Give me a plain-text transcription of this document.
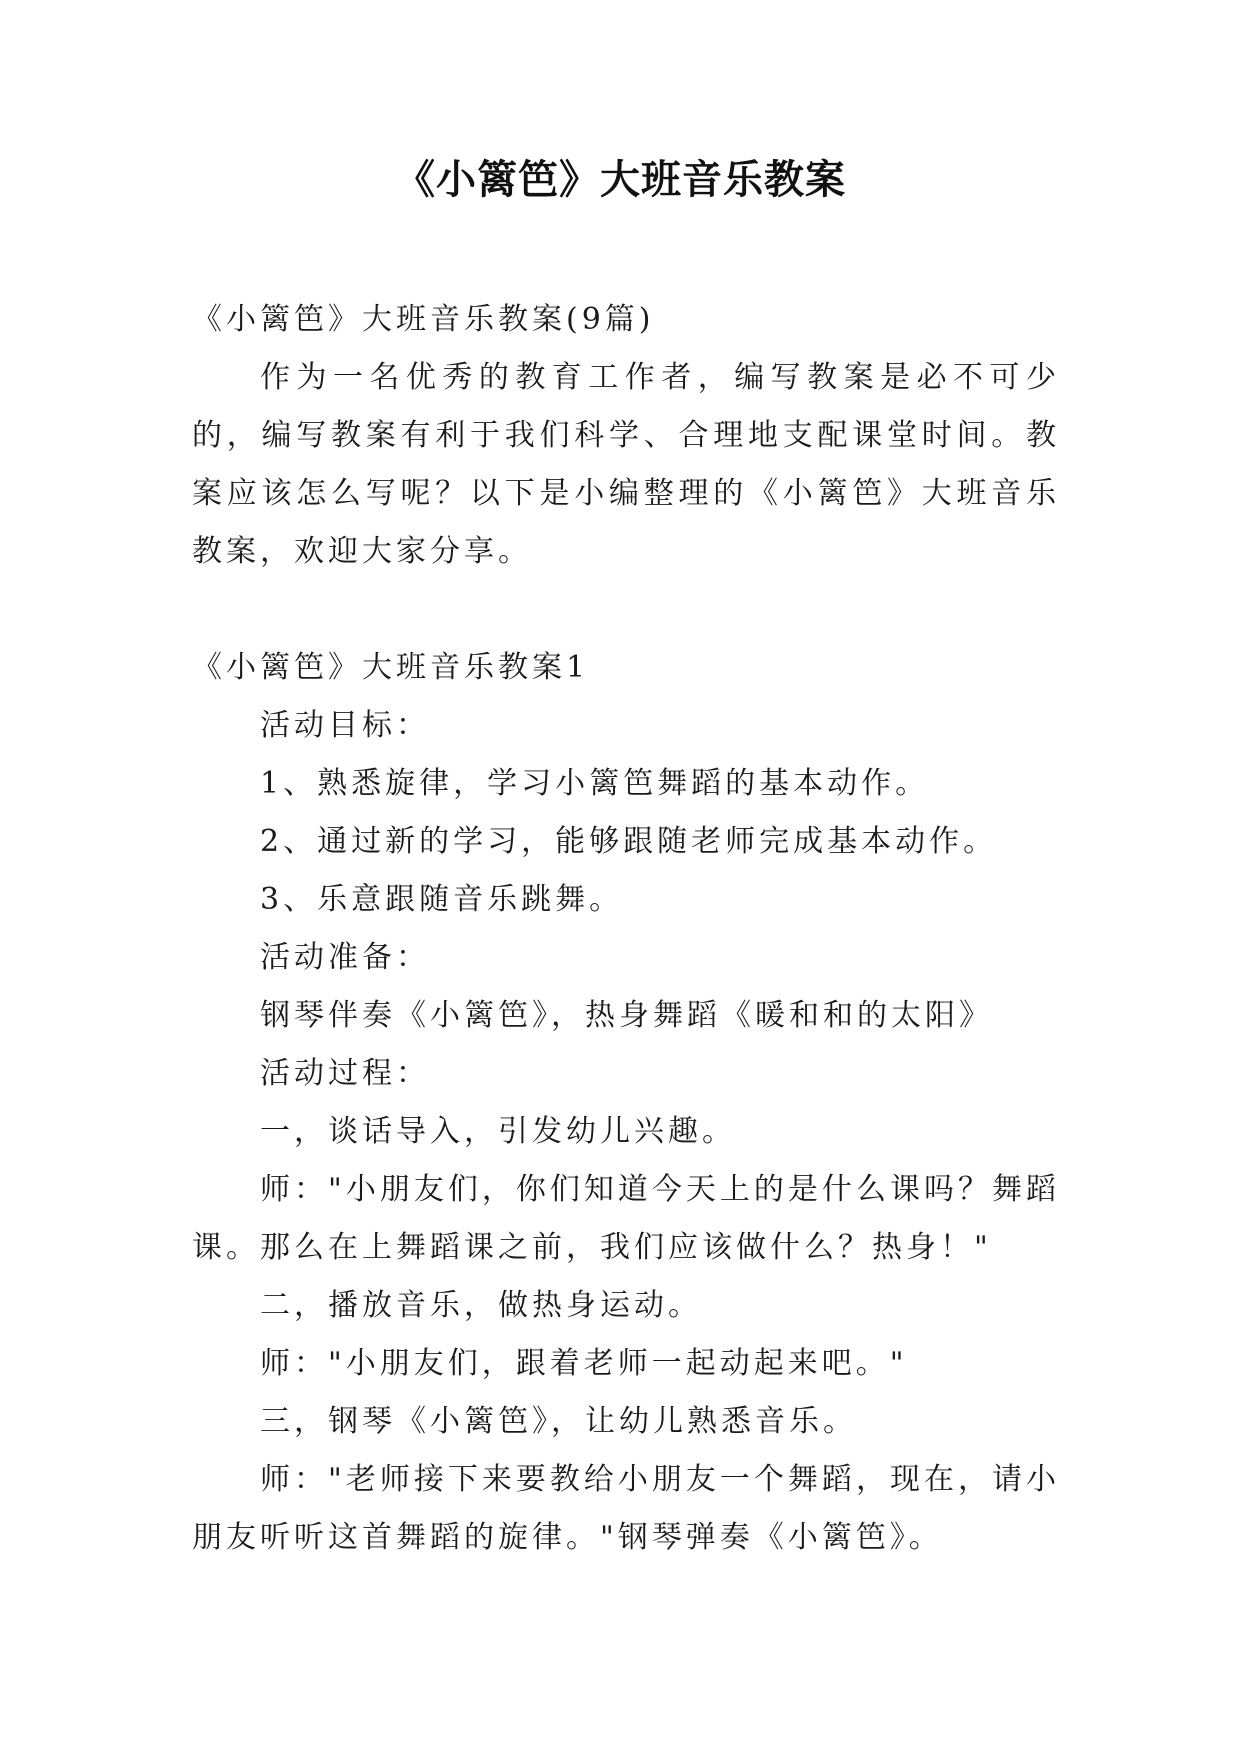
《小篱笆》大班音乐教案

《小篱笆》大班音乐教案(9篇)

作为一名优秀的教育工作者，编写教案是必不可少的，编写教案有利于我们科学、合理地支配课堂时间。教案应该怎么写呢？以下是小编整理的《小篱笆》大班音乐教案，欢迎大家分享。

《小篱笆》大班音乐教案1

活动目标：

1、熟悉旋律，学习小篱笆舞蹈的基本动作。

2、通过新的学习，能够跟随老师完成基本动作。

3、乐意跟随音乐跳舞。

活动准备：

钢琴伴奏《小篱笆》，热身舞蹈《暖和和的太阳》

活动过程：

一，谈话导入，引发幼儿兴趣。

师："小朋友们，你们知道今天上的是什么课吗？舞蹈课。那么在上舞蹈课之前，我们应该做什么？热身！"

二，播放音乐，做热身运动。

师："小朋友们，跟着老师一起动起来吧。"

三，钢琴《小篱笆》，让幼儿熟悉音乐。

师："老师接下来要教给小朋友一个舞蹈，现在，请小朋友听听这首舞蹈的旋律。"钢琴弹奏《小篱笆》。
